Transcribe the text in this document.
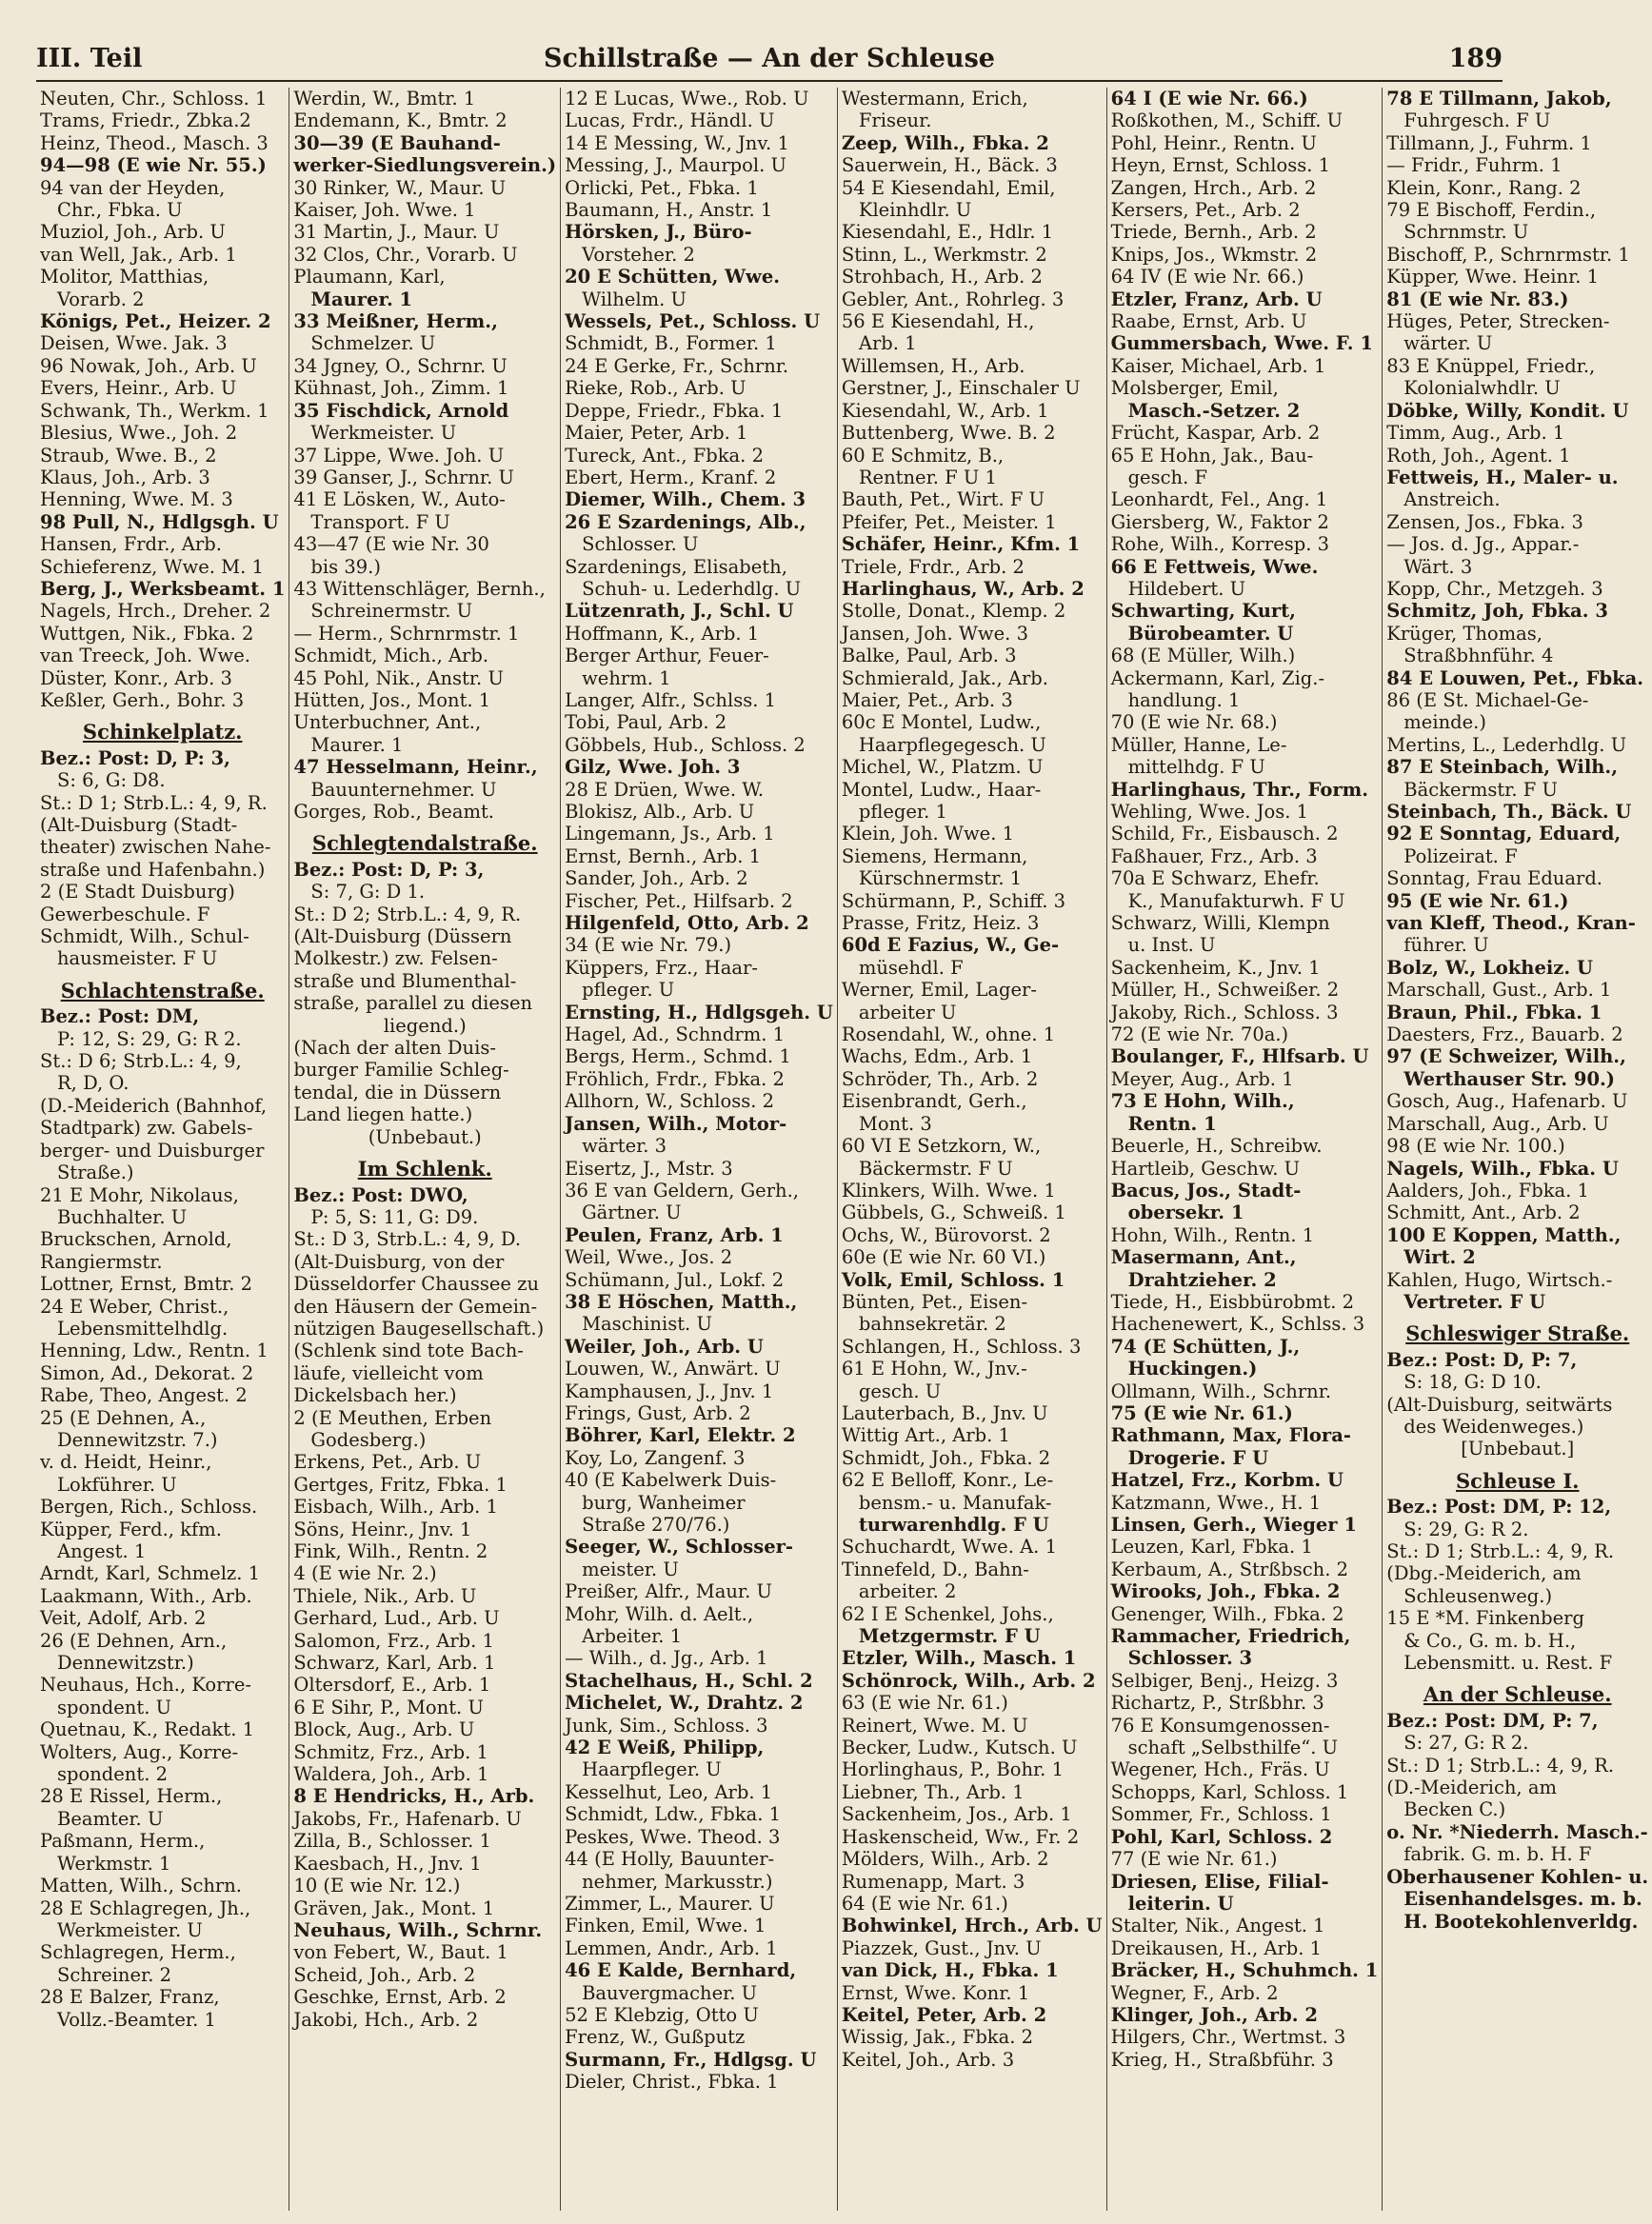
III. Teil	Schillstraße — An der Schleuse	189
Neuten, Chr., Schloss. 1
Trams, Friedr., Zbka.2
Heinz, Theod., Masch. 3
94—98 (E wie Nr. 55.)
94 van der Heyden,
Chr., Fbka. U
Muziol, Joh., Arb. U
van Well, Jak., Arb. 1
Molitor, Matthias,
Vorarb. 2
Königs, Pet., Heizer. 2
Deisen, Wwe. Jak. 3
96 Nowak, Joh., Arb. U
Evers, Heinr., Arb. U
Schwank, Th., Werkm. 1
Blesius, Wwe., Joh. 2
Straub, Wwe. B., 2
Klaus, Joh., Arb. 3
Henning, Wwe. M. 3
98 Pull, N., Hdlgsgh. U
Hansen, Frdr., Arb.
Schieferenz, Wwe. M. 1
Berg, J., Werksbeamt. 1
Nagels, Hrch., Dreher. 2
Wuttgen, Nik., Fbka. 2
van Treeck, Joh. Wwe.
Düster, Konr., Arb. 3
Keßler, Gerh., Bohr. 3
Schinkelplatz.
Bez.: Post: D, P: 3,
S: 6, G: D8.
St.: D 1; Strb.L.: 4, 9, R.
(Alt-Duisburg (Stadt-
theater) zwischen Nahe-
straße und Hafenbahn.)
2 (E Stadt Duisburg)
Gewerbeschule. F
Schmidt, Wilh., Schul-
hausmeister. F U
Schlachtenstraße.
Bez.: Post: DM,
P: 12, S: 29, G: R 2.
St.: D 6; Strb.L.: 4, 9,
R, D, O.
(D.-Meiderich (Bahnhof,
Stadtpark) zw. Gabels-
berger- und Duisburger
Straße.)
21 E Mohr, Nikolaus,
Buchhalter. U
Bruckschen, Arnold,
Rangiermstr.
Lottner, Ernst, Bmtr. 2
24 E Weber, Christ.,
Lebensmittelhdlg.
Henning, Ldw., Rentn. 1
Simon, Ad., Dekorat. 2
Rabe, Theo, Angest. 2
25 (E Dehnen, A.,
Dennewitzstr. 7.)
v. d. Heidt, Heinr.,
Lokführer. U
Bergen, Rich., Schloss.
Küpper, Ferd., kfm.
Angest. 1
Arndt, Karl, Schmelz. 1
Laakmann, With., Arb.
Veit, Adolf, Arb. 2
26 (E Dehnen, Arn.,
Dennewitzstr.)
Neuhaus, Hch., Korre-
spondent. U
Quetnau, K., Redakt. 1
Wolters, Aug., Korre-
spondent. 2
28 E Rissel, Herm.,
Beamter. U
Paßmann, Herm.,
Werkmstr. 1
Matten, Wilh., Schrn.
28 E Schlagregen, Jh.,
Werkmeister. U
Schlagregen, Herm.,
Schreiner. 2
28 E Balzer, Franz,
Vollz.-Beamter. 1
Werdin, W., Bmtr. 1
Endemann, K., Bmtr. 2
30—39 (E Bauhand-
werker-Siedlungsverein.)
30 Rinker, W., Maur. U
Kaiser, Joh. Wwe. 1
31 Martin, J., Maur. U
32 Clos, Chr., Vorarb. U
Plaumann, Karl,
Maurer. 1
33 Meißner, Herm.,
Schmelzer. U
34 Jgney, O., Schrnr. U
Kühnast, Joh., Zimm. 1
35 Fischdick, Arnold
Werkmeister. U
37 Lippe, Wwe. Joh. U
39 Ganser, J., Schrnr. U
41 E Lösken, W., Auto-
Transport. F U
43—47 (E wie Nr. 30
bis 39.)
43 Wittenschläger, Bernh.,
Schreinermstr. U
— Herm., Schrnrmstr. 1
Schmidt, Mich., Arb.
45 Pohl, Nik., Anstr. U
Hütten, Jos., Mont. 1
Unterbuchner, Ant.,
Maurer. 1
47 Hesselmann, Heinr.,
Bauunternehmer. U
Gorges, Rob., Beamt.
Schlegtendalstraße.
Bez.: Post: D, P: 3,
S: 7, G: D 1.
St.: D 2; Strb.L.: 4, 9, R.
(Alt-Duisburg (Düssern
Molkestr.) zw. Felsen-
straße und Blumenthal-
straße, parallel zu diesen
liegend.)
(Nach der alten Duis-
burger Familie Schleg-
tendal, die in Düssern
Land liegen hatte.)
(Unbebaut.)
Im Schlenk.
Bez.: Post: DWO,
P: 5, S: 11, G: D9.
St.: D 3, Strb.L.: 4, 9, D.
(Alt-Duisburg, von der
Düsseldorfer Chaussee zu
den Häusern der Gemein-
nützigen Baugesellschaft.)
(Schlenk sind tote Bach-
läufe, vielleicht vom
Dickelsbach her.)
2 (E Meuthen, Erben
Godesberg.)
Erkens, Pet., Arb. U
Gertges, Fritz, Fbka. 1
Eisbach, Wilh., Arb. 1
Söns, Heinr., Jnv. 1
Fink, Wilh., Rentn. 2
4 (E wie Nr. 2.)
Thiele, Nik., Arb. U
Gerhard, Lud., Arb. U
Salomon, Frz., Arb. 1
Schwarz, Karl, Arb. 1
Oltersdorf, E., Arb. 1
6 E Sihr, P., Mont. U
Block, Aug., Arb. U
Schmitz, Frz., Arb. 1
Waldera, Joh., Arb. 1
8 E Hendricks, H., Arb.
Jakobs, Fr., Hafenarb. U
Zilla, B., Schlosser. 1
Kaesbach, H., Jnv. 1
10 (E wie Nr. 12.)
Gräven, Jak., Mont. 1
Neuhaus, Wilh., Schrnr.
von Febert, W., Baut. 1
Scheid, Joh., Arb. 2
Geschke, Ernst, Arb. 2
Jakobi, Hch., Arb. 2
12 E Lucas, Wwe., Rob. U
Lucas, Frdr., Händl. U
14 E Messing, W., Jnv. 1
Messing, J., Maurpol. U
Orlicki, Pet., Fbka. 1
Baumann, H., Anstr. 1
Hörsken, J., Büro-
Vorsteher. 2
20 E Schütten, Wwe.
Wilhelm. U
Wessels, Pet., Schloss. U
Schmidt, B., Former. 1
24 E Gerke, Fr., Schrnr.
Rieke, Rob., Arb. U
Deppe, Friedr., Fbka. 1
Maier, Peter, Arb. 1
Tureck, Ant., Fbka. 2
Ebert, Herm., Kranf. 2
Diemer, Wilh., Chem. 3
26 E Szardenings, Alb.,
Schlosser. U
Szardenings, Elisabeth,
Schuh- u. Lederhdlg. U
Lützenrath, J., Schl. U
Hoffmann, K., Arb. 1
Berger Arthur, Feuer-
wehrm. 1
Langer, Alfr., Schlss. 1
Tobi, Paul, Arb. 2
Göbbels, Hub., Schloss. 2
Gilz, Wwe. Joh. 3
28 E Drüen, Wwe. W.
Blokisz, Alb., Arb. U
Lingemann, Js., Arb. 1
Ernst, Bernh., Arb. 1
Sander, Joh., Arb. 2
Fischer, Pet., Hilfsarb. 2
Hilgenfeld, Otto, Arb. 2
34 (E wie Nr. 79.)
Küppers, Frz., Haar-
pfleger. U
Ernsting, H., Hdlgsgeh. U
Hagel, Ad., Schndrm. 1
Bergs, Herm., Schmd. 1
Fröhlich, Frdr., Fbka. 2
Allhorn, W., Schloss. 2
Jansen, Wilh., Motor-
wärter. 3
Eisertz, J., Mstr. 3
36 E van Geldern, Gerh.,
Gärtner. U
Peulen, Franz, Arb. 1
Weil, Wwe., Jos. 2
Schümann, Jul., Lokf. 2
38 E Höschen, Matth.,
Maschinist. U
Weiler, Joh., Arb. U
Louwen, W., Anwärt. U
Kamphausen, J., Jnv. 1
Frings, Gust, Arb. 2
Böhrer, Karl, Elektr. 2
Koy, Lo, Zangenf. 3
40 (E Kabelwerk Duis-
burg, Wanheimer
Straße 270/76.)
Seeger, W., Schlosser-
meister. U
Preißer, Alfr., Maur. U
Mohr, Wilh. d. Aelt.,
Arbeiter. 1
— Wilh., d. Jg., Arb. 1
Stachelhaus, H., Schl. 2
Michelet, W., Drahtz. 2
Junk, Sim., Schloss. 3
42 E Weiß, Philipp,
Haarpfleger. U
Kesselhut, Leo, Arb. 1
Schmidt, Ldw., Fbka. 1
Peskes, Wwe. Theod. 3
44 (E Holly, Bauunter-
nehmer, Markusstr.)
Zimmer, L., Maurer. U
Finken, Emil, Wwe. 1
Lemmen, Andr., Arb. 1
46 E Kalde, Bernhard,
Bauvergmacher. U
52 E Klebzig, Otto U
Frenz, W., Gußputz
Surmann, Fr., Hdlgsg. U
Dieler, Christ., Fbka. 1
Westermann, Erich,
Friseur.
Zeep, Wilh., Fbka. 2
Sauerwein, H., Bäck. 3
54 E Kiesendahl, Emil,
Kleinhdlr. U
Kiesendahl, E., Hdlr. 1
Stinn, L., Werkmstr. 2
Strohbach, H., Arb. 2
Gebler, Ant., Rohrleg. 3
56 E Kiesendahl, H.,
Arb. 1
Willemsen, H., Arb.
Gerstner, J., Einschaler U
Kiesendahl, W., Arb. 1
Buttenberg, Wwe. B. 2
60 E Schmitz, B.,
Rentner. F U 1
Bauth, Pet., Wirt. F U
Pfeifer, Pet., Meister. 1
Schäfer, Heinr., Kfm. 1
Triele, Frdr., Arb. 2
Harlinghaus, W., Arb. 2
Stolle, Donat., Klemp. 2
Jansen, Joh. Wwe. 3
Balke, Paul, Arb. 3
Schmierald, Jak., Arb.
Maier, Pet., Arb. 3
60c E Montel, Ludw.,
Haarpflegegesch. U
Michel, W., Platzm. U
Montel, Ludw., Haar-
pfleger. 1
Klein, Joh. Wwe. 1
Siemens, Hermann,
Kürschnermstr. 1
Schürmann, P., Schiff. 3
Prasse, Fritz, Heiz. 3
60d E Fazius, W., Ge-
müsehdl. F
Werner, Emil, Lager-
arbeiter U
Rosendahl, W., ohne. 1
Wachs, Edm., Arb. 1
Schröder, Th., Arb. 2
Eisenbrandt, Gerh.,
Mont. 3
60 VI E Setzkorn, W.,
Bäckermstr. F U
Klinkers, Wilh. Wwe. 1
Gübbels, G., Schweiß. 1
Ochs, W., Bürovorst. 2
60e (E wie Nr. 60 VI.)
Volk, Emil, Schloss. 1
Bünten, Pet., Eisen-
bahnsekretär. 2
Schlangen, H., Schloss. 3
61 E Hohn, W., Jnv.-
gesch. U
Lauterbach, B., Jnv. U
Wittig Art., Arb. 1
Schmidt, Joh., Fbka. 2
62 E Belloff, Konr., Le-
bensm.- u. Manufak-
turwarenhdlg. F U
Schuchardt, Wwe. A. 1
Tinnefeld, D., Bahn-
arbeiter. 2
62 I E Schenkel, Johs.,
Metzgermstr. F U
Etzler, Wilh., Masch. 1
Schönrock, Wilh., Arb. 2
63 (E wie Nr. 61.)
Reinert, Wwe. M. U
Becker, Ludw., Kutsch. U
Horlinghaus, P., Bohr. 1
Liebner, Th., Arb. 1
Sackenheim, Jos., Arb. 1
Haskenscheid, Ww., Fr. 2
Mölders, Wilh., Arb. 2
Rumenapp, Mart. 3
64 (E wie Nr. 61.)
Bohwinkel, Hrch., Arb. U
Piazzek, Gust., Jnv. U
van Dick, H., Fbka. 1
Ernst, Wwe. Konr. 1
Keitel, Peter, Arb. 2
Wissig, Jak., Fbka. 2
Keitel, Joh., Arb. 3
64 I (E wie Nr. 66.)
Roßkothen, M., Schiff. U
Pohl, Heinr., Rentn. U
Heyn, Ernst, Schloss. 1
Zangen, Hrch., Arb. 2
Kersers, Pet., Arb. 2
Triede, Bernh., Arb. 2
Knips, Jos., Wkmstr. 2
64 IV (E wie Nr. 66.)
Etzler, Franz, Arb. U
Raabe, Ernst, Arb. U
Gummersbach, Wwe. F. 1
Kaiser, Michael, Arb. 1
Molsberger, Emil,
Masch.-Setzer. 2
Frücht, Kaspar, Arb. 2
65 E Hohn, Jak., Bau-
gesch. F
Leonhardt, Fel., Ang. 1
Giersberg, W., Faktor 2
Rohe, Wilh., Korresp. 3
66 E Fettweis, Wwe.
Hildebert. U
Schwarting, Kurt,
Bürobeamter. U
68 (E Müller, Wilh.)
Ackermann, Karl, Zig.-
handlung. 1
70 (E wie Nr. 68.)
Müller, Hanne, Le-
mittelhdg. F U
Harlinghaus, Thr., Form.
Wehling, Wwe. Jos. 1
Schild, Fr., Eisbausch. 2
Faßhauer, Frz., Arb. 3
70a E Schwarz, Ehefr.
K., Manufakturwh. F U
Schwarz, Willi, Klempn
u. Inst. U
Sackenheim, K., Jnv. 1
Müller, H., Schweißer. 2
Jakoby, Rich., Schloss. 3
72 (E wie Nr. 70a.)
Boulanger, F., Hlfsarb. U
Meyer, Aug., Arb. 1
73 E Hohn, Wilh.,
Rentn. 1
Beuerle, H., Schreibw.
Hartleib, Geschw. U
Bacus, Jos., Stadt-
obersekr. 1
Hohn, Wilh., Rentn. 1
Masermann, Ant.,
Drahtzieher. 2
Tiede, H., Eisbbürobmt. 2
Hachenewert, K., Schlss. 3
74 (E Schütten, J.,
Huckingen.)
Ollmann, Wilh., Schrnr.
75 (E wie Nr. 61.)
Rathmann, Max, Flora-
Drogerie. F U
Hatzel, Frz., Korbm. U
Katzmann, Wwe., H. 1
Linsen, Gerh., Wieger 1
Leuzen, Karl, Fbka. 1
Kerbaum, A., Strßbsch. 2
Wirooks, Joh., Fbka. 2
Genenger, Wilh., Fbka. 2
Rammacher, Friedrich,
Schlosser. 3
Selbiger, Benj., Heizg. 3
Richartz, P., Strßbhr. 3
76 E Konsumgenossen-
schaft „Selbsthilfe“. U
Wegener, Hch., Fräs. U
Schopps, Karl, Schloss. 1
Sommer, Fr., Schloss. 1
Pohl, Karl, Schloss. 2
77 (E wie Nr. 61.)
Driesen, Elise, Filial-
leiterin. U
Stalter, Nik., Angest. 1
Dreikausen, H., Arb. 1
Bräcker, H., Schuhmch. 1
Wegner, F., Arb. 2
Klinger, Joh., Arb. 2
Hilgers, Chr., Wertmst. 3
Krieg, H., Straßbführ. 3
78 E Tillmann, Jakob,
Fuhrgesch. F U
Tillmann, J., Fuhrm. 1
— Fridr., Fuhrm. 1
Klein, Konr., Rang. 2
79 E Bischoff, Ferdin.,
Schrnmstr. U
Bischoff, P., Schrnrmstr. 1
Küpper, Wwe. Heinr. 1
81 (E wie Nr. 83.)
Hüges, Peter, Strecken-
wärter. U
83 E Knüppel, Friedr.,
Kolonialwhdlr. U
Döbke, Willy, Kondit. U
Timm, Aug., Arb. 1
Roth, Joh., Agent. 1
Fettweis, H., Maler- u.
Anstreich.
Zensen, Jos., Fbka. 3
— Jos. d. Jg., Appar.-
Wärt. 3
Kopp, Chr., Metzgeh. 3
Schmitz, Joh, Fbka. 3
Krüger, Thomas,
Straßbhnführ. 4
84 E Louwen, Pet., Fbka.
86 (E St. Michael-Ge-
meinde.)
Mertins, L., Lederhdlg. U
87 E Steinbach, Wilh.,
Bäckermstr. F U
Steinbach, Th., Bäck. U
92 E Sonntag, Eduard,
Polizeirat. F
Sonntag, Frau Eduard.
95 (E wie Nr. 61.)
van Kleff, Theod., Kran-
führer. U
Bolz, W., Lokheiz. U
Marschall, Gust., Arb. 1
Braun, Phil., Fbka. 1
Daesters, Frz., Bauarb. 2
97 (E Schweizer, Wilh.,
Werthauser Str. 90.)
Gosch, Aug., Hafenarb. U
Marschall, Aug., Arb. U
98 (E wie Nr. 100.)
Nagels, Wilh., Fbka. U
Aalders, Joh., Fbka. 1
Schmitt, Ant., Arb. 2
100 E Koppen, Matth.,
Wirt. 2
Kahlen, Hugo, Wirtsch.-
Vertreter. F U
Schleswiger Straße.
Bez.: Post: D, P: 7,
S: 18, G: D 10.
(Alt-Duisburg, seitwärts
des Weidenweges.)
[Unbebaut.]
Schleuse I.
Bez.: Post: DM, P: 12,
S: 29, G: R 2.
St.: D 1; Strb.L.: 4, 9, R.
(Dbg.-Meiderich, am
Schleusenweg.)
15 E *M. Finkenberg
& Co., G. m. b. H.,
Lebensmitt. u. Rest. F
An der Schleuse.
Bez.: Post: DM, P: 7,
S: 27, G: R 2.
St.: D 1; Strb.L.: 4, 9, R.
(D.-Meiderich, am
Becken C.)
o. Nr. *Niederrh. Masch.-
fabrik. G. m. b. H. F
Oberhausener Kohlen- u.
Eisenhandelsges. m. b.
H. Bootekohlenverldg.
